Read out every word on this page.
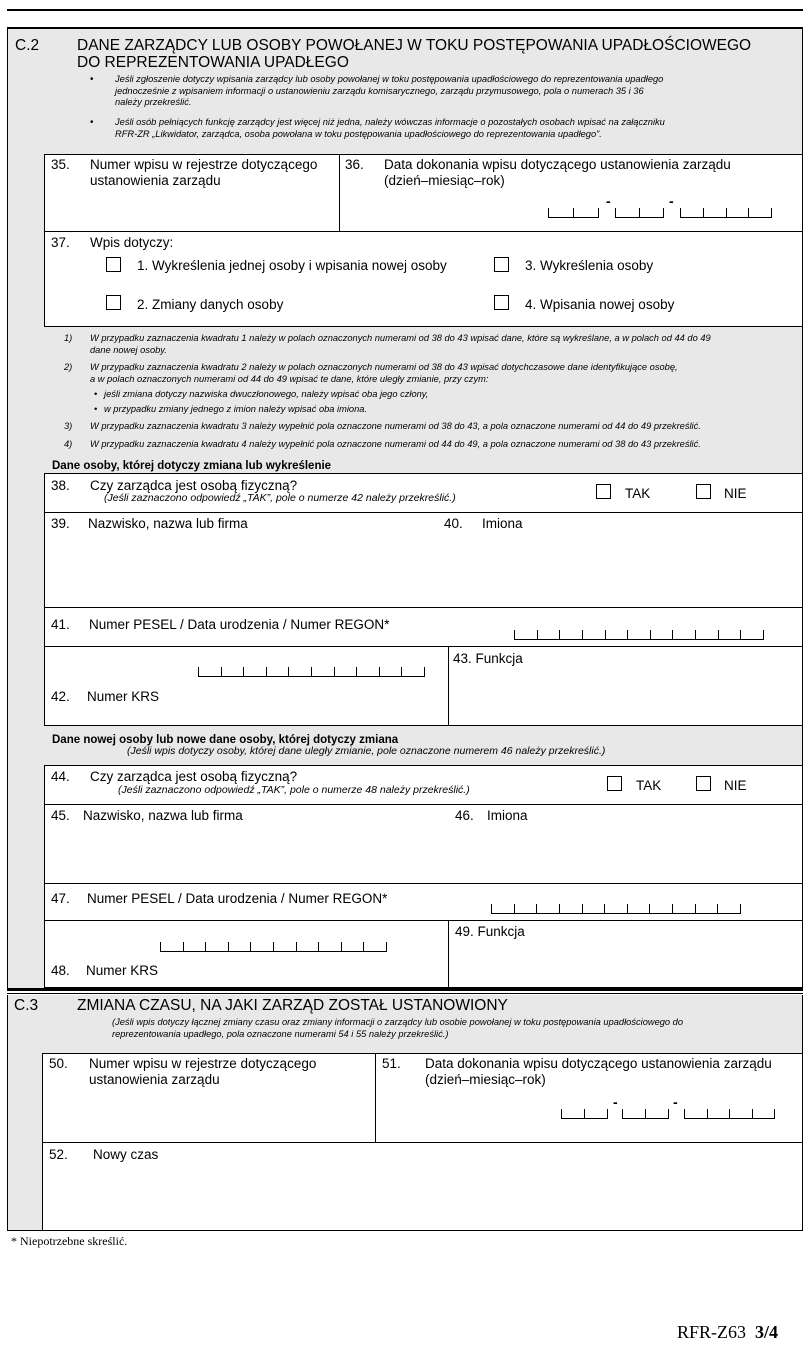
C.2 DANE ZARZĄDCY LUB OSOBY POWOŁANEJ W TOKU POSTĘPOWANIA UPADŁOŚCIOWEGO
DO REPREZENTOWANIA UPADŁEGO
• Jeśli zgłoszenie dotyczy wpisania zarządcy lub osoby powołanej w toku postępowania upadłościowego do reprezentowania upadłego
jednocześnie z wpisaniem informacji o ustanowieniu zarządu komisarycznego, zarządu przymusowego, pola o numerach 35 i 36
należy przekreślić.
• Jeśli osób pełniących funkcję zarządcy jest więcej niż jedna, należy wówczas informacje o pozostałych osobach wpisać na załączniku
RFR-ZR „Likwidator, zarządca, osoba powołana w toku postępowania upadłościowego do reprezentowania upadłego”.
35. Numer wpisu w rejestrze dotyczącego
ustanowienia zarządu
36. Data dokonania wpisu dotyczącego ustanowienia zarządu
(dzień–miesiąc–rok)
-	-
37. Wpis dotyczy:
1. Wykreślenia jednej osoby i wpisania nowej osoby	3. Wykreślenia osoby
2. Zmiany danych osoby	4. Wpisania nowej osoby
1) W przypadku zaznaczenia kwadratu 1 należy w polach oznaczonych numerami od 38 do 43 wpisać dane, które są wykreślane, a w polach od 44 do 49
dane nowej osoby.
2) W przypadku zaznaczenia kwadratu 2 należy w polach oznaczonych numerami od 38 do 43 wpisać dotychczasowe dane identyfikujące osobę,
a w polach oznaczonych numerami od 44 do 49 wpisać te dane, które uległy zmianie, przy czym:
• jeśli zmiana dotyczy nazwiska dwuczłonowego, należy wpisać oba jego człony,
• w przypadku zmiany jednego z imion należy wpisać oba imiona.
3) W przypadku zaznaczenia kwadratu 3 należy wypełnić pola oznaczone numerami od 38 do 43, a pola oznaczone numerami od 44 do 49 przekreślić.
4) W przypadku zaznaczenia kwadratu 4 należy wypełnić pola oznaczone numerami od 44 do 49, a pola oznaczone numerami od 38 do 43 przekreślić.
Dane osoby, której dotyczy zmiana lub wykreślenie
38. Czy zarządca jest osobą fizyczną?
(Jeśli zaznaczono odpowiedź „TAK”, pole o numerze 42 należy przekreślić.)	TAK	NIE
39. Nazwisko, nazwa lub firma	40. Imiona
41. Numer PESEL / Data urodzenia / Numer REGON*
42. Numer KRS
43. Funkcja
Dane nowej osoby lub nowe dane osoby, której dotyczy zmiana
(Jeśli wpis dotyczy osoby, której dane uległy zmianie, pole oznaczone numerem 46 należy przekreślić.)
44. Czy zarządca jest osobą fizyczną?
(Jeśli zaznaczono odpowiedź „TAK”, pole o numerze 48 należy przekreślić.)	TAK	NIE
45. Nazwisko, nazwa lub firma	46. Imiona
47. Numer PESEL / Data urodzenia / Numer REGON*
48. Numer KRS
49. Funkcja
C.3	ZMIANA CZASU, NA JAKI ZARZĄD ZOSTAŁ USTANOWIONY
(Jeśli wpis dotyczy łącznej zmiany czasu oraz zmiany informacji o zarządcy lub osobie powołanej w toku postępowania upadłościowego do
reprezentowania upadłego, pola oznaczone numerami 54 i 55 należy przekreślić.)
50. Numer wpisu w rejestrze dotyczącego
ustanowienia zarządu
51. Data dokonania wpisu dotyczącego ustanowienia zarządu
(dzień–miesiąc–rok)
-	-
52. Nowy czas
* Niepotrzebne skreślić.
RFR-Z63 3/4
